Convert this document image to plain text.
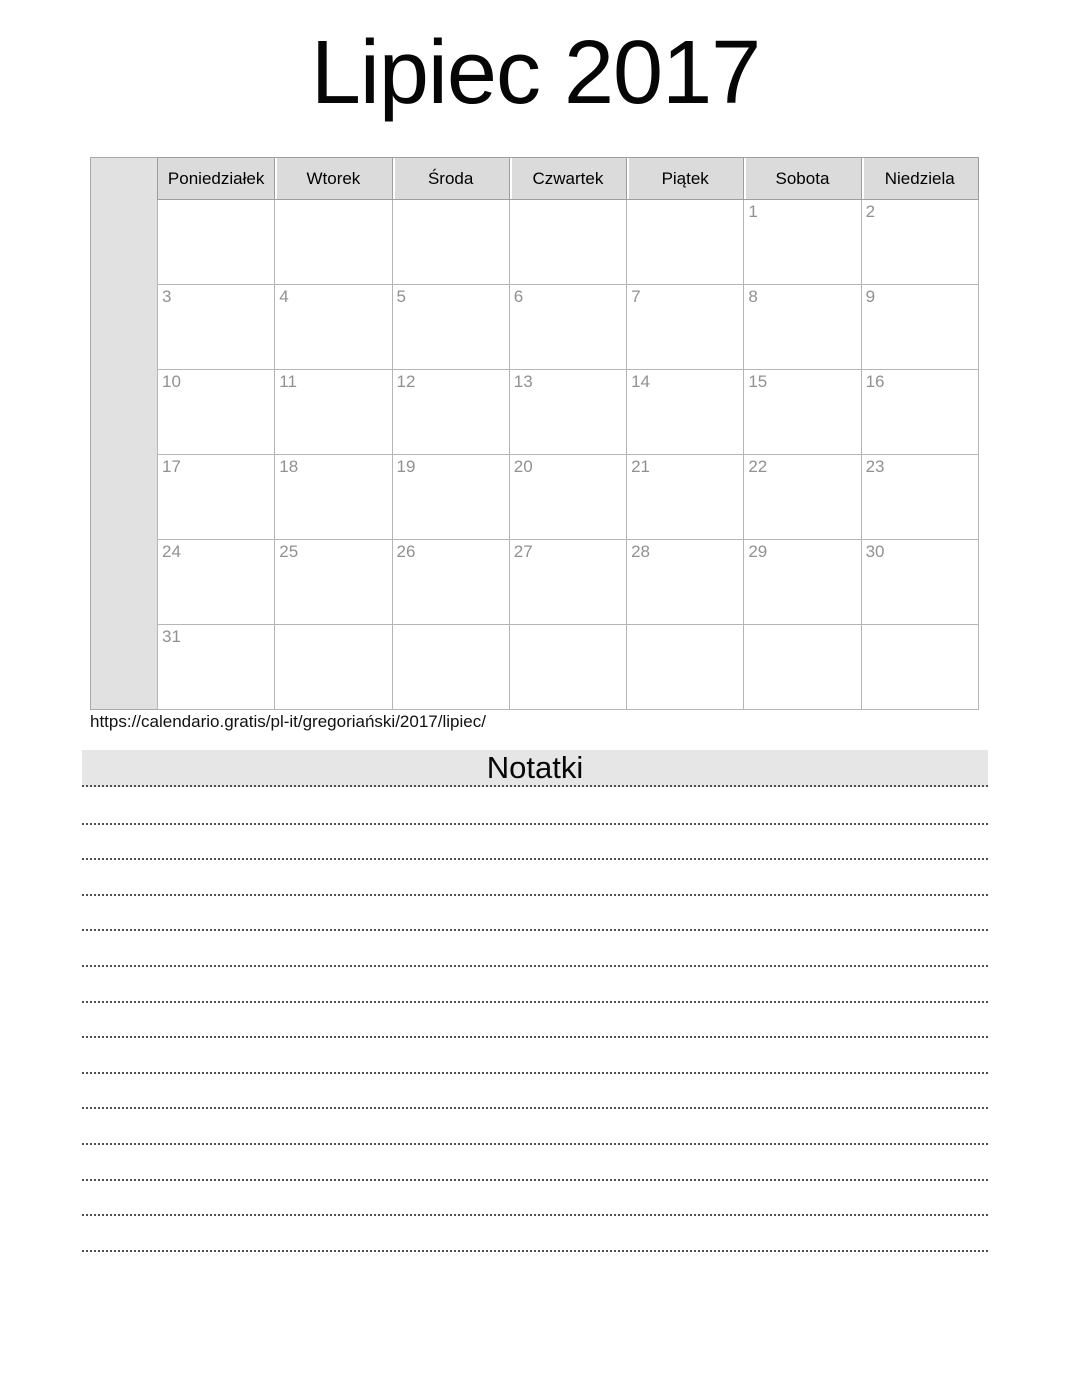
Lipiec 2017
Poniedziałek	Wtorek	Środa	Czwartek	Piątek	Sobota	Niedziela
					1	2
3	4	5	6	7	8	9
10	11	12	13	14	15	16
17	18	19	20	21	22	23
24	25	26	27	28	29	30
31						
https://calendario.gratis/pl-it/gregoriański/2017/lipiec/
Notatki
